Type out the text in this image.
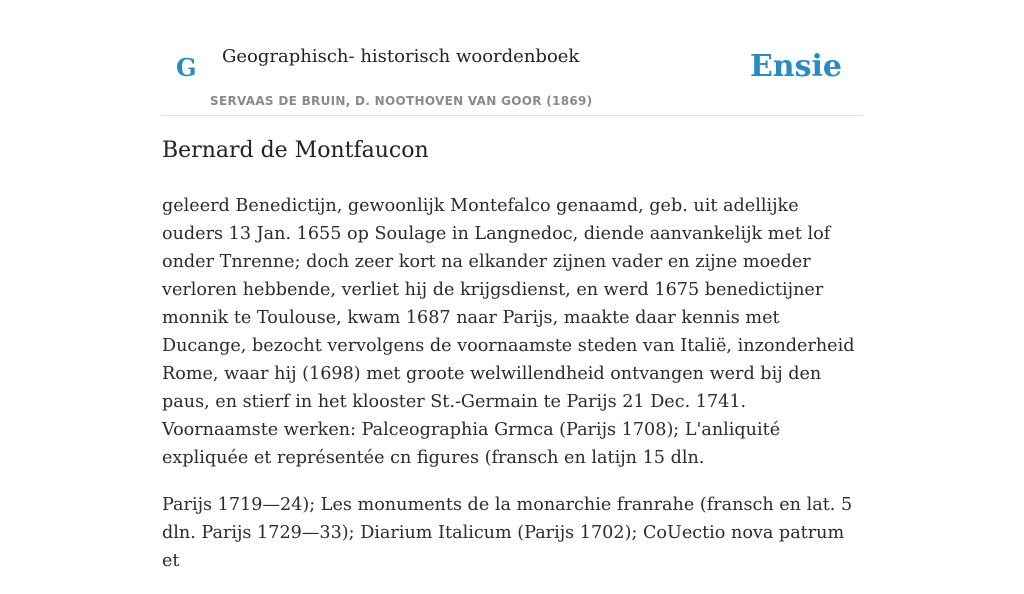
G Geographisch- historisch woordenboek
SERVAAS DE BRUIN, D. NOOTHOVEN VAN GOOR (1869)
Ensie
Bernard de Montfaucon

geleerd Benedictijn, gewoonlijk Montefalco genaamd, geb. uit adellijke ouders 13 Jan. 1655 op Soulage in Langnedoc, diende aanvankelijk met lof onder Tnrenne; doch zeer kort na elkander zijnen vader en zijne moeder verloren hebbende, verliet hij de krijgsdienst, en werd 1675 benedictijner monnik te Toulouse, kwam 1687 naar Parijs, maakte daar kennis met Ducange, bezocht vervolgens de voornaamste steden van Italië, inzonderheid Rome, waar hij (1698) met groote welwillendheid ontvangen werd bij den paus, en stierf in het klooster St.-Germain te Parijs 21 Dec. 1741. Voornaamste werken: Palceographia Grmca (Parijs 1708); L'anliquité expliquée et représentée cn figures (fransch en latijn 15 dln.

Parijs 1719—24); Les monuments de la monarchie franrahe (fransch en lat. 5 dln. Parijs 1729—33); Diarium Italicum (Parijs 1702); CoUectio nova patrum et
